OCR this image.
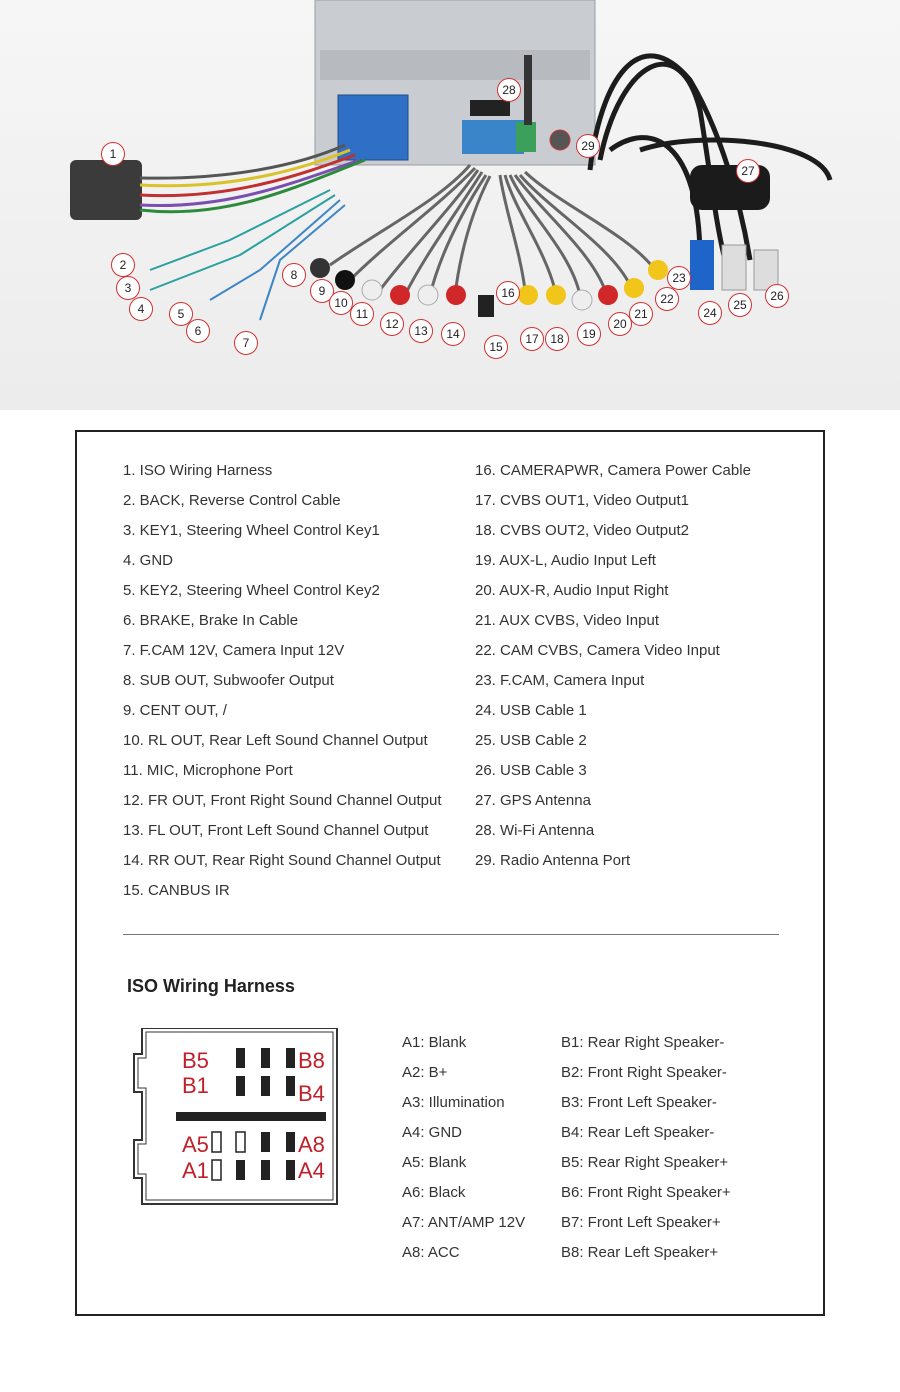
1
2
3
4	5
6
7
8
9
10
11
12	13	14
15
16
17 18	19
20
21
22
23
24
25
26
27
28
29
1. ISO Wiring Harness
2. BACK, Reverse Control Cable
3. KEY1, Steering Wheel Control Key1
4. GND
5. KEY2, Steering Wheel Control Key2
6. BRAKE, Brake In Cable
7. F.CAM 12V, Camera Input 12V
8. SUB OUT, Subwoofer Output
9. CENT OUT, /
10. RL OUT, Rear Left Sound Channel Output
11. MIC, Microphone Port
12. FR OUT, Front Right Sound Channel Output
13. FL OUT, Front Left Sound Channel Output
14. RR OUT, Rear Right Sound Channel Output
15. CANBUS IR
16. CAMERAPWR, Camera Power Cable
17. CVBS OUT1, Video Output1
18. CVBS OUT2, Video Output2
19. AUX-L, Audio Input Left
20. AUX-R, Audio Input Right
21. AUX CVBS, Video Input
22. CAM CVBS, Camera Video Input
23. F.CAM, Camera Input
24. USB Cable 1
25. USB Cable 2
26. USB Cable 3
27. GPS Antenna
28. Wi-Fi Antenna
29. Radio Antenna Port
ISO Wiring Harness
B5	B8
B1	B4
A5	A8
A1	A4
A1: Blank
A2: B+
A3: Illumination
A4: GND
A5: Blank
A6: Black
A7: ANT/AMP 12V
A8: ACC
B1: Rear Right Speaker-
B2: Front Right Speaker-
B3: Front Left Speaker-
B4: Rear Left Speaker-
B5: Rear Right Speaker+
B6: Front Right Speaker+
B7: Front Left Speaker+
B8: Rear Left Speaker+
